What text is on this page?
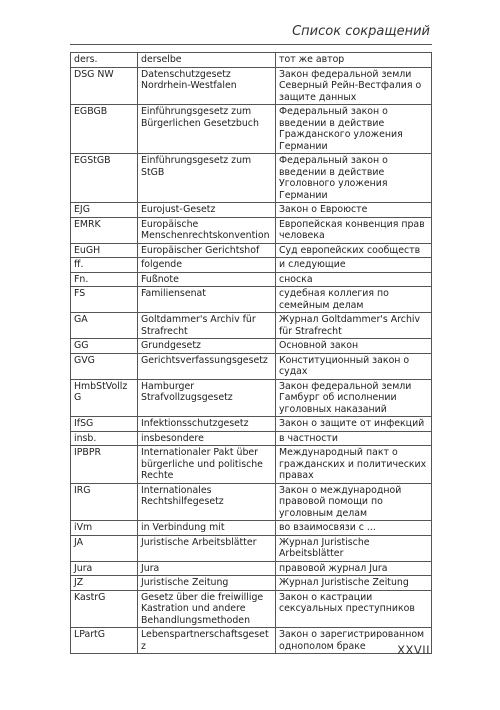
Список сокращений
ders.	derselbe	тот же автор
DSG NW	Datenschutzgesetz Nordrhein-Westfalen	Закон федеральной земли Северный Рейн-Вестфалия о защите данных
EGBGB	Einführungsgesetz zum Bürgerlichen Gesetzbuch	Федеральный закон о введении в действие Гражданского уложения Германии
EGStGB	Einführungsgesetz zum StGB	Федеральный закон о введении в действие Уголовного уложения Германии
EJG	Eurojust-Gesetz	Закон о Евроюсте
EMRK	Europäische Menschenrechtskonvention	Европейская конвенция прав человека
EuGH	Europäischer Gerichtshof	Суд европейских сообществ
ff.	folgende	и следующие
Fn.	Fußnote	сноска
FS	Familiensenat	судебная коллегия по семейным делам
GA	Goltdammer's Archiv für Strafrecht	Журнал Goltdammer's Archiv für Strafrecht
GG	Grundgesetz	Основной закон
GVG	Gerichtsverfassungsgesetz	Конституционный закон о судах
HmbStVollzG	Hamburger Strafvollzugsgesetz	Закон федеральной земли Гамбург об исполнении уголовных наказаний
IfSG	Infektionsschutzgesetz	Закон о защите от инфекций
insb.	insbesondere	в частности
IPBPR	Internationaler Pakt über bürgerliche und politische Rechte	Международный пакт о гражданских и политических правах
IRG	Internationales Rechtshilfegesetz	Закон о международной правовой помощи по уголовным делам
iVm	in Verbindung mit	во взаимосвязи с ...
JA	Juristische Arbeitsblätter	Журнал Juristische Arbeitsblätter
Jura	Jura	правовой журнал Jura
JZ	Juristische Zeitung	Журнал Juristische Zeitung
KastrG	Gesetz über die freiwillige Kastration und andere Behandlungsmethoden	Закон о кастрации сексуальных преступников
LPartG	Lebenspartnerschaftsgesetz	Закон о зарегистрированном однополом браке	XXVII
